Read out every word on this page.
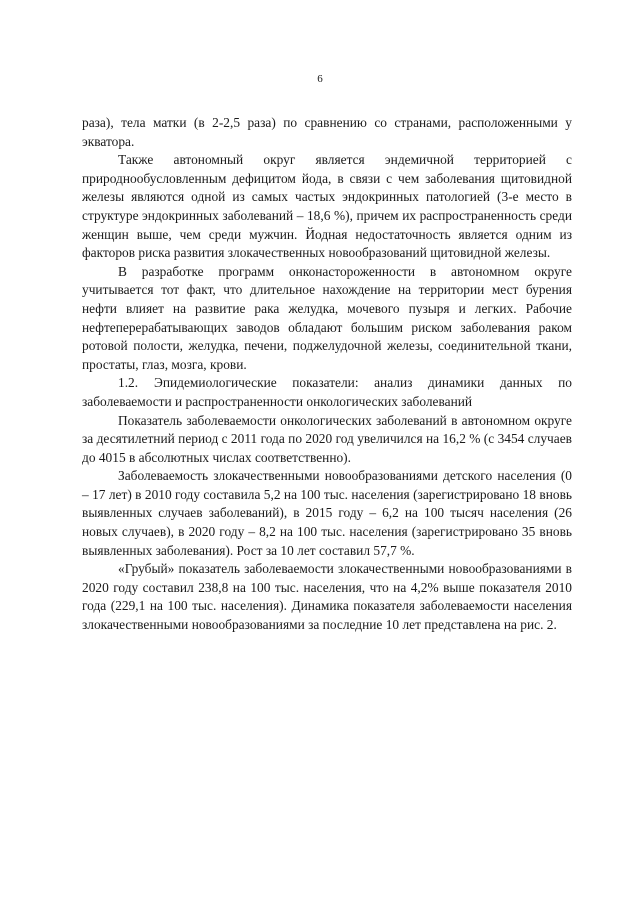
6

раза), тела матки (в 2-2,5 раза) по сравнению со странами, расположенными у экватора.

Также автономный округ является эндемичной территорией с природнообусловленным дефицитом йода, в связи с чем заболевания щитовидной железы являются одной из самых частых эндокринных патологией (3-е место в структуре эндокринных заболеваний – 18,6 %), причем их распространенность среди женщин выше, чем среди мужчин. Йодная недостаточность является одним из факторов риска развития злокачественных новообразований щитовидной железы.

В разработке программ онконастороженности в автономном округе учитывается тот факт, что длительное нахождение на территории мест бурения нефти влияет на развитие рака желудка, мочевого пузыря и легких. Рабочие нефтеперерабатывающих заводов обладают большим риском заболевания раком ротовой полости, желудка, печени, поджелудочной железы, соединительной ткани, простаты, глаз, мозга, крови.

1.2. Эпидемиологические показатели: анализ динамики данных по заболеваемости и распространенности онкологических заболеваний

Показатель заболеваемости онкологических заболеваний в автономном округе за десятилетний период с 2011 года по 2020 год увеличился на 16,2 % (с 3454 случаев до 4015 в абсолютных числах соответственно).

Заболеваемость злокачественными новообразованиями детского населения (0 – 17 лет) в 2010 году составила 5,2 на 100 тыс. населения (зарегистрировано 18 вновь выявленных случаев заболеваний), в 2015 году – 6,2 на 100 тысяч населения (26 новых случаев), в 2020 году – 8,2 на 100 тыс. населения (зарегистрировано 35 вновь выявленных заболевания). Рост за 10 лет составил 57,7 %.

«Грубый» показатель заболеваемости злокачественными новообразованиями в 2020 году составил 238,8 на 100 тыс. населения, что на 4,2% выше показателя 2010 года (229,1 на 100 тыс. населения). Динамика показателя заболеваемости населения злокачественными новообразованиями за последние 10 лет представлена на рис. 2.
